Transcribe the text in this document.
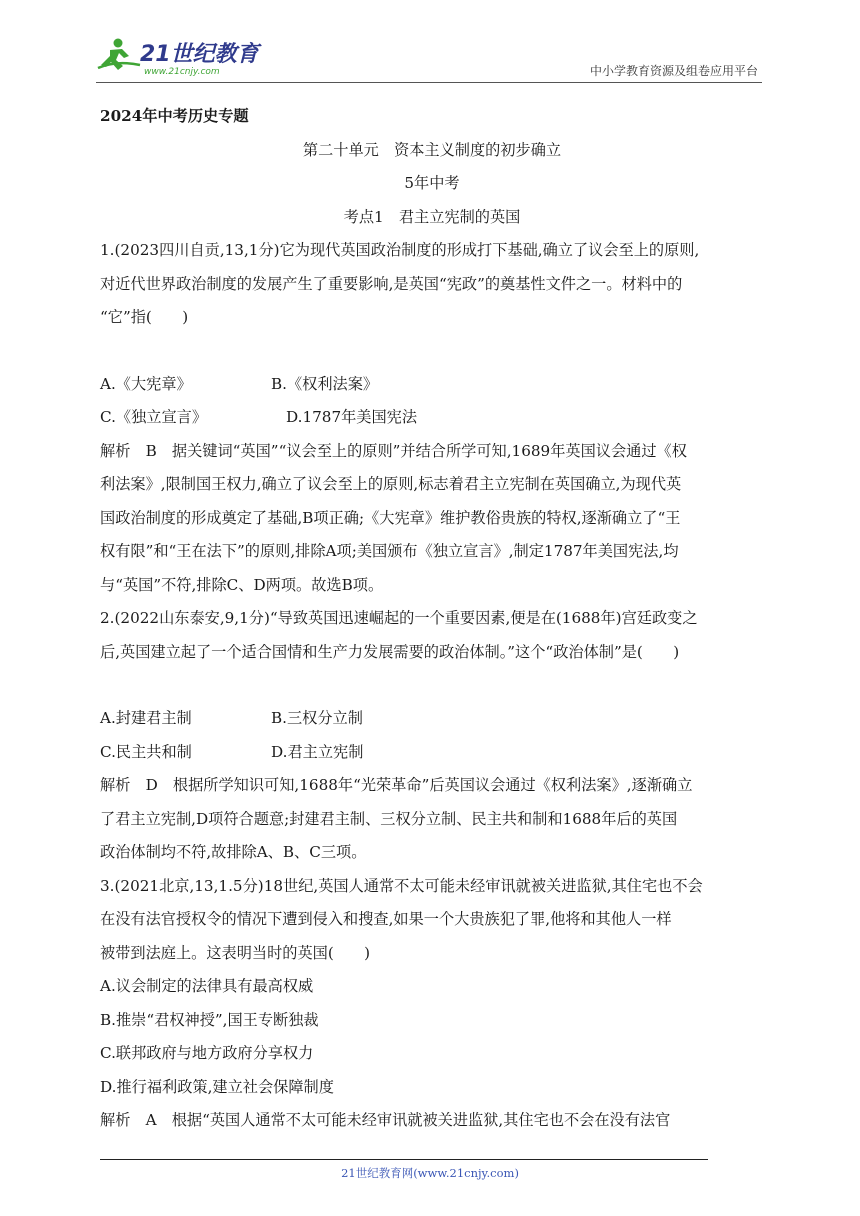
21世纪教育
www.21cnjy.com	中小学教育资源及组卷应用平台

2024年中考历史专题

第二十单元　资本主义制度的初步确立

5年中考

考点1　君主立宪制的英国

1.(2023四川自贡,13,1分)它为现代英国政治制度的形成打下基础,确立了议会至上的原则,

对近代世界政治制度的发展产生了重要影响,是英国“宪政”的奠基性文件之一。材料中的

“它”指(　　)

A.《大宪章》	B.《权利法案》

C.《独立宣言》	D.1787年美国宪法

解析　B　据关键词“英国”“议会至上的原则”并结合所学可知,1689年英国议会通过《权

利法案》,限制国王权力,确立了议会至上的原则,标志着君主立宪制在英国确立,为现代英

国政治制度的形成奠定了基础,B项正确;《大宪章》维护教俗贵族的特权,逐渐确立了“王

权有限”和“王在法下”的原则,排除A项;美国颁布《独立宣言》,制定1787年美国宪法,均

与“英国”不符,排除C、D两项。故选B项。

2.(2022山东泰安,9,1分)“导致英国迅速崛起的一个重要因素,便是在(1688年)宫廷政变之

后,英国建立起了一个适合国情和生产力发展需要的政治体制。”这个“政治体制”是(　　)

A.封建君主制	B.三权分立制

C.民主共和制	D.君主立宪制

解析　D　根据所学知识可知,1688年“光荣革命”后英国议会通过《权利法案》,逐渐确立

了君主立宪制,D项符合题意;封建君主制、三权分立制、民主共和制和1688年后的英国

政治体制均不符,故排除A、B、C三项。

3.(2021北京,13,1.5分)18世纪,英国人通常不太可能未经审讯就被关进监狱,其住宅也不会

在没有法官授权令的情况下遭到侵入和搜查,如果一个大贵族犯了罪,他将和其他人一样

被带到法庭上。这表明当时的英国(　　)

A.议会制定的法律具有最高权威

B.推崇“君权神授”,国王专断独裁

C.联邦政府与地方政府分享权力

D.推行福利政策,建立社会保障制度

解析　A　根据“英国人通常不太可能未经审讯就被关进监狱,其住宅也不会在没有法官

21世纪教育网(www.21cnjy.com)
